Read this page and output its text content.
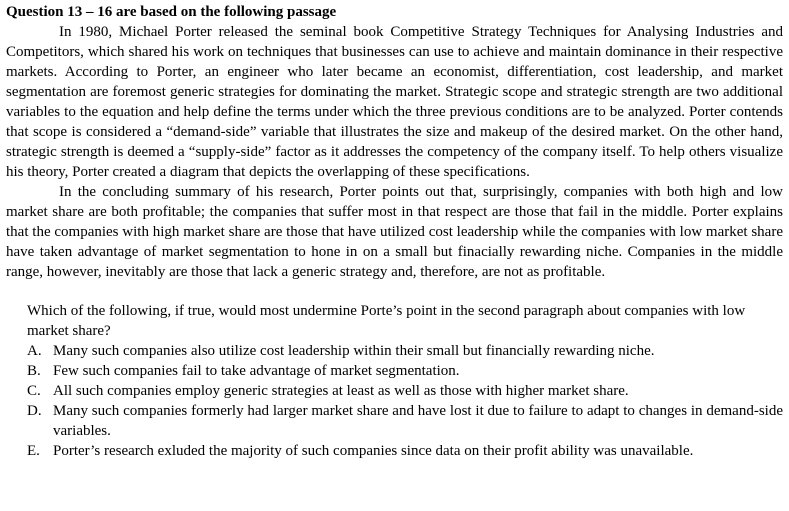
Question 13 – 16 are based on the following passage

In 1980, Michael Porter released the seminal book Competitive Strategy Techniques for Analysing Industries and Competitors, which shared his work on techniques that businesses can use to achieve and maintain dominance in their respective markets. According to Porter, an engineer who later became an economist, differentiation, cost leadership, and market segmentation are foremost generic strategies for dominating the market. Strategic scope and strategic strength are two additional variables to the equation and help define the terms under which the three previous conditions are to be analyzed. Porter contends that scope is considered a “demand-side” variable that illustrates the size and makeup of the desired market. On the other hand, strategic strength is deemed a “supply-side” factor as it addresses the competency of the company itself. To help others visualize his theory, Porter created a diagram that depicts the overlapping of these specifications.

In the concluding summary of his research, Porter points out that, surprisingly, companies with both high and low market share are both profitable; the companies that suffer most in that respect are those that fail in the middle. Porter explains that the companies with high market share are those that have utilized cost leadership while the companies with low market share have taken advantage of market segmentation to hone in on a small but finacially rewarding niche. Companies in the middle range, however, inevitably are those that lack a generic strategy and, therefore, are not as profitable.

Which of the following, if true, would most undermine Porte’s point in the second paragraph about companies with low market share?

A. Many such companies also utilize cost leadership within their small but financially rewarding niche.
B. Few such companies fail to take advantage of market segmentation.
C. All such companies employ generic strategies at least as well as those with higher market share.
D. Many such companies formerly had larger market share and have lost it due to failure to adapt to changes in demand-side variables.
E. Porter’s research exluded the majority of such companies since data on their profit ability was unavailable.
